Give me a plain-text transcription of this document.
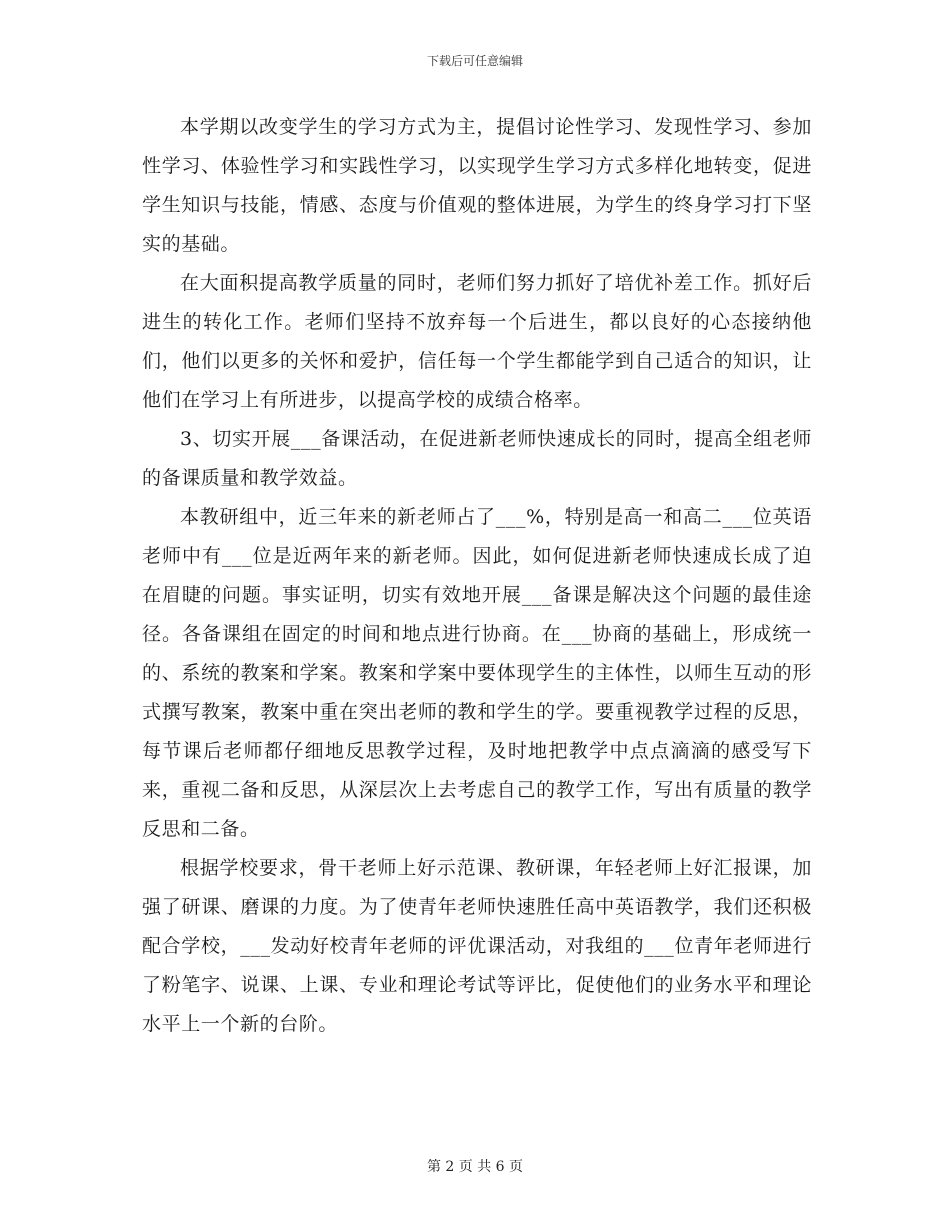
下载后可任意编辑

本学期以改变学生的学习方式为主，提倡讨论性学习、发现性学习、参加性学习、体验性学习和实践性学习，以实现学生学习方式多样化地转变，促进学生知识与技能，情感、态度与价值观的整体进展，为学生的终身学习打下坚实的基础。

在大面积提高教学质量的同时，老师们努力抓好了培优补差工作。抓好后进生的转化工作。老师们坚持不放弃每一个后进生，都以良好的心态接纳他们，他们以更多的关怀和爱护，信任每一个学生都能学到自己适合的知识，让他们在学习上有所进步，以提高学校的成绩合格率。

3、切实开展___备课活动，在促进新老师快速成长的同时，提高全组老师的备课质量和教学效益。

本教研组中，近三年来的新老师占了___%，特别是高一和高二___位英语老师中有___位是近两年来的新老师。因此，如何促进新老师快速成长成了迫在眉睫的问题。事实证明，切实有效地开展___备课是解决这个问题的最佳途径。各备课组在固定的时间和地点进行协商。在___协商的基础上，形成统一的、系统的教案和学案。教案和学案中要体现学生的主体性，以师生互动的形式撰写教案，教案中重在突出老师的教和学生的学。要重视教学过程的反思，每节课后老师都仔细地反思教学过程，及时地把教学中点点滴滴的感受写下来，重视二备和反思，从深层次上去考虑自己的教学工作，写出有质量的教学反思和二备。

根据学校要求，骨干老师上好示范课、教研课，年轻老师上好汇报课，加强了研课、磨课的力度。为了使青年老师快速胜任高中英语教学，我们还积极配合学校，___发动好校青年老师的评优课活动，对我组的___位青年老师进行了粉笔字、说课、上课、专业和理论考试等评比，促使他们的业务水平和理论水平上一个新的台阶。

第 2 页 共 6 页
